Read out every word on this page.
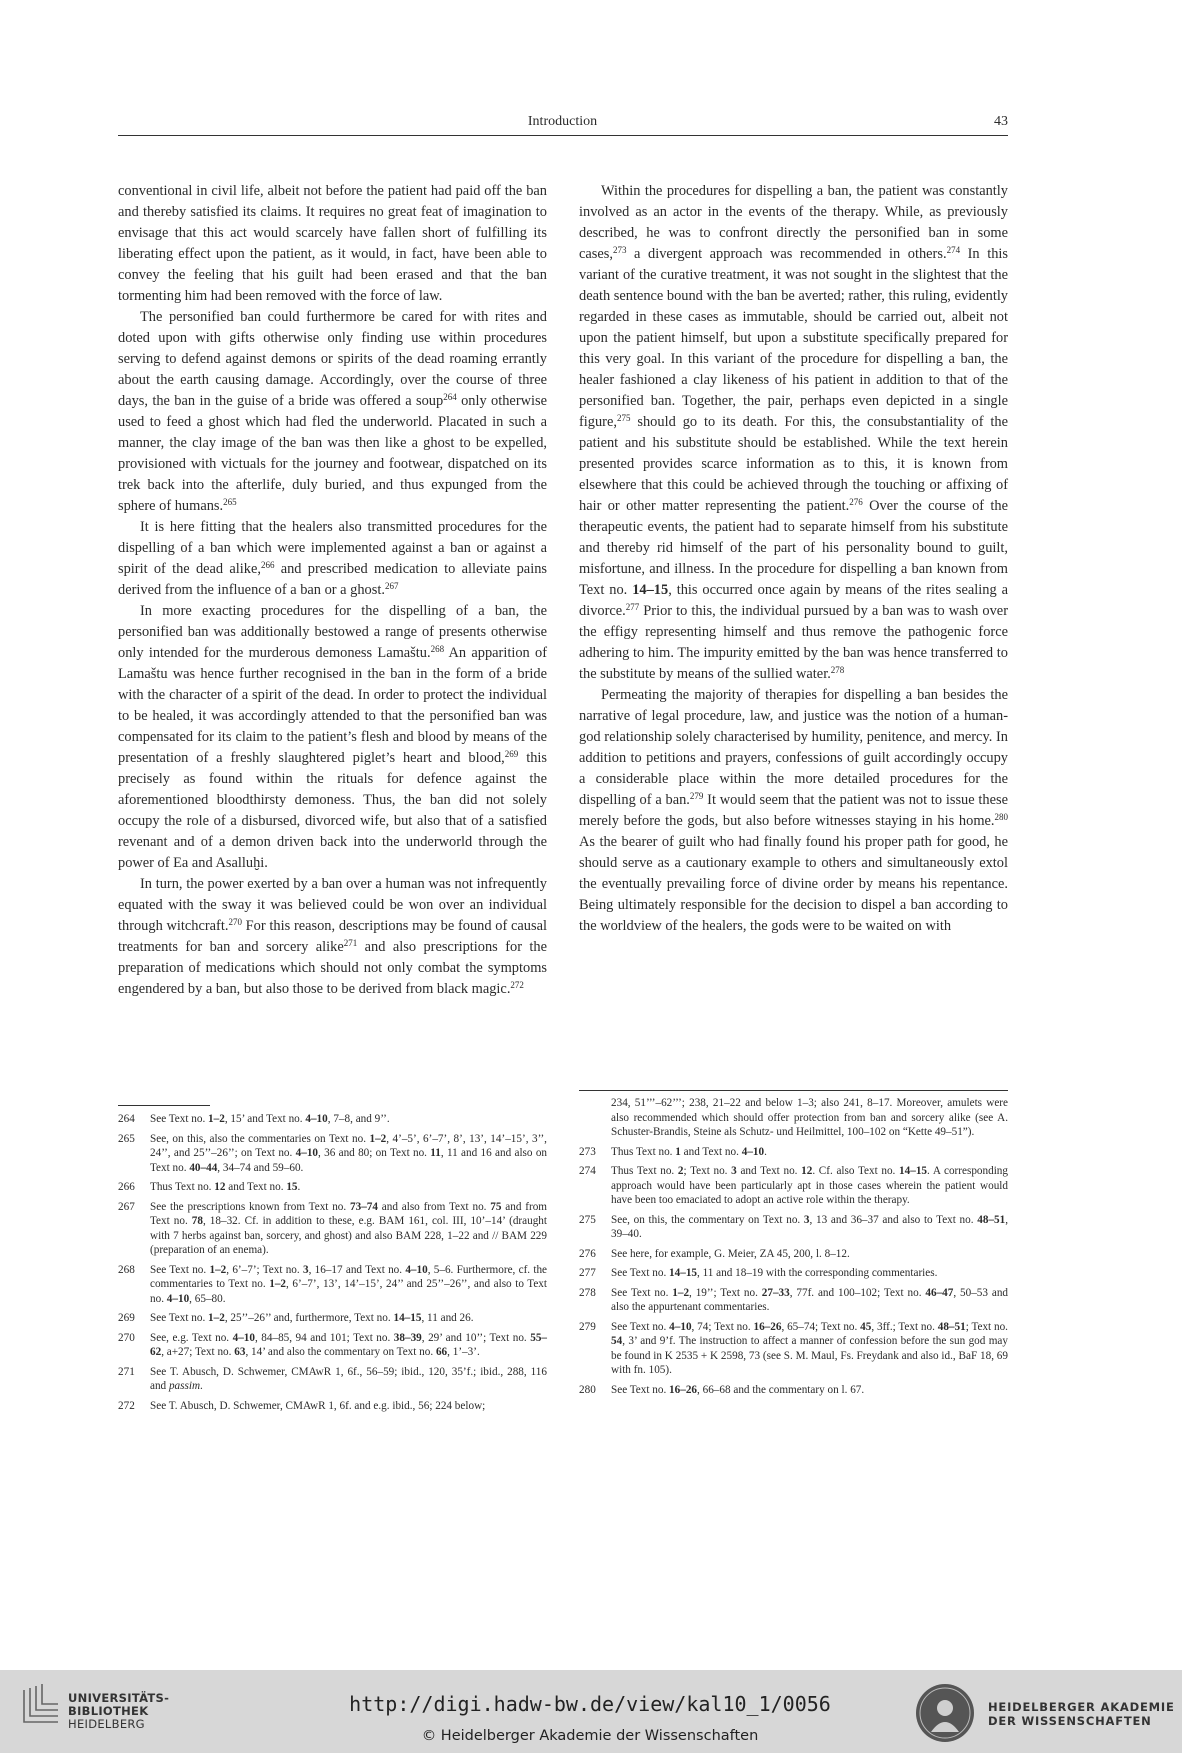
Introduction	43

conventional in civil life, albeit not before the patient had paid off the ban and thereby satisfied its claims. It requires no great feat of imagination to envisage that this act would scarcely have fallen short of fulfilling its liberating effect upon the patient, as it would, in fact, have been able to convey the feeling that his guilt had been erased and that the ban tormenting him had been removed with the force of law.

The personified ban could furthermore be cared for with rites and doted upon with gifts otherwise only finding use within procedures serving to defend against demons or spirits of the dead roaming errantly about the earth causing damage. Accordingly, over the course of three days, the ban in the guise of a bride was offered a soup$^{264}$ only otherwise used to feed a ghost which had fled the underworld. Placated in such a manner, the clay image of the ban was then like a ghost to be expelled, provisioned with victuals for the journey and footwear, dispatched on its trek back into the afterlife, duly buried, and thus expunged from the sphere of humans.$^{265}$

It is here fitting that the healers also transmitted procedures for the dispelling of a ban which were implemented against a ban or against a spirit of the dead alike,$^{266}$ and prescribed medication to alleviate pains derived from the influence of a ban or a ghost.$^{267}$

In more exacting procedures for the dispelling of a ban, the personified ban was additionally bestowed a range of presents otherwise only intended for the murderous demoness Lamaštu.$^{268}$ An apparition of Lamaštu was hence further recognised in the ban in the form of a bride with the character of a spirit of the dead. In order to protect the individual to be healed, it was accordingly attended to that the personified ban was compensated for its claim to the patient’s flesh and blood by means of the presentation of a freshly slaughtered piglet’s heart and blood,$^{269}$ this precisely as found within the rituals for defence against the aforementioned bloodthirsty demoness. Thus, the ban did not solely occupy the role of a disbursed, divorced wife, but also that of a satisfied revenant and of a demon driven back into the underworld through the power of Ea and Asalluḫi.

In turn, the power exerted by a ban over a human was not infrequently equated with the sway it was believed could be won over an individual through witchcraft.$^{270}$ For this reason, descriptions may be found of causal treatments for ban and sorcery alike$^{271}$ and also prescriptions for the preparation of medications which should not only combat the symptoms engendered by a ban, but also those to be derived from black magic.$^{272}$

Within the procedures for dispelling a ban, the patient was constantly involved as an actor in the events of the therapy. While, as previously described, he was to confront directly the personified ban in some cases,$^{273}$ a divergent approach was recommended in others.$^{274}$ In this variant of the curative treatment, it was not sought in the slightest that the death sentence bound with the ban be averted; rather, this ruling, evidently regarded in these cases as immutable, should be carried out, albeit not upon the patient himself, but upon a substitute specifically prepared for this very goal. In this variant of the procedure for dispelling a ban, the healer fashioned a clay likeness of his patient in addition to that of the personified ban. Together, the pair, perhaps even depicted in a single figure,$^{275}$ should go to its death. For this, the consubstantiality of the patient and his substitute should be established. While the text herein presented provides scarce information as to this, it is known from elsewhere that this could be achieved through the touching or affixing of hair or other matter representing the patient.$^{276}$ Over the course of the therapeutic events, the patient had to separate himself from his substitute and thereby rid himself of the part of his personality bound to guilt, misfortune, and illness. In the procedure for dispelling a ban known from Text no. 14–15, this occurred once again by means of the rites sealing a divorce.$^{277}$ Prior to this, the individual pursued by a ban was to wash over the effigy representing himself and thus remove the pathogenic force adhering to him. The impurity emitted by the ban was hence transferred to the substitute by means of the sullied water.$^{278}$

Permeating the majority of therapies for dispelling a ban besides the narrative of legal procedure, law, and justice was the notion of a human-god relationship solely characterised by humility, penitence, and mercy. In addition to petitions and prayers, confessions of guilt accordingly occupy a considerable place within the more detailed procedures for the dispelling of a ban.$^{279}$ It would seem that the patient was not to issue these merely before the gods, but also before witnesses staying in his home.$^{280}$ As the bearer of guilt who had finally found his proper path for good, he should serve as a cautionary example to others and simultaneously extol the eventually prevailing force of divine order by means his repentance. Being ultimately responsible for the decision to dispel a ban according to the worldview of the healers, the gods were to be waited on with

264	See Text no. 1–2, 15’ and Text no. 4–10, 7–8, and 9’’.
265	See, on this, also the commentaries on Text no. 1–2, 4’–5’, 6’–7’, 8’, 13’, 14’–15’, 3’’, 24’’, and 25’’–26’’; on Text no. 4–10, 36 and 80; on Text no. 11, 11 and 16 and also on Text no. 40–44, 34–74 and 59–60.
266	Thus Text no. 12 and Text no. 15.
267	See the prescriptions known from Text no. 73–74 and also from Text no. 75 and from Text no. 78, 18–32. Cf. in addition to these, e.g. BAM 161, col. III, 10’–14’ (draught with 7 herbs against ban, sorcery, and ghost) and also BAM 228, 1–22 and // BAM 229 (preparation of an enema).
268	See Text no. 1–2, 6’–7’; Text no. 3, 16–17 and Text no. 4–10, 5–6. Furthermore, cf. the commentaries to Text no. 1–2, 6’–7’, 13’, 14’–15’, 24’’ and 25’’–26’’, and also to Text no. 4–10, 65–80.
269	See Text no. 1–2, 25’’–26’’ and, furthermore, Text no. 14–15, 11 and 26.
270	See, e.g. Text no. 4–10, 84–85, 94 and 101; Text no. 38–39, 29’ and 10’’; Text no. 55–62, a+27; Text no. 63, 14’ and also the commentary on Text no. 66, 1’–3’.
271	See T. Abusch, D. Schwemer, CMAwR 1, 6f., 56–59; ibid., 120, 35’f.; ibid., 288, 116 and passim.
272	See T. Abusch, D. Schwemer, CMAwR 1, 6f. and e.g. ibid., 56; 224 below;
234, 51’’’–62’’’; 238, 21–22 and below 1–3; also 241, 8–17. Moreover, amulets were also recommended which should offer protection from ban and sorcery alike (see A. Schuster-Brandis, Steine als Schutz- und Heilmittel, 100–102 on “Kette 49–51”).
273	Thus Text no. 1 and Text no. 4–10.
274	Thus Text no. 2; Text no. 3 and Text no. 12. Cf. also Text no. 14–15. A corresponding approach would have been particularly apt in those cases wherein the patient would have been too emaciated to adopt an active role within the therapy.
275	See, on this, the commentary on Text no. 3, 13 and 36–37 and also to Text no. 48–51, 39–40.
276	See here, for example, G. Meier, ZA 45, 200, l. 8–12.
277	See Text no. 14–15, 11 and 18–19 with the corresponding commentaries.
278	See Text no. 1–2, 19’’; Text no. 27–33, 77f. and 100–102; Text no. 46–47, 50–53 and also the appurtenant commentaries.
279	See Text no. 4–10, 74; Text no. 16–26, 65–74; Text no. 45, 3ff.; Text no. 48–51; Text no. 54, 3’ and 9’f. The instruction to affect a manner of confession before the sun god may be found in K 2535 + K 2598, 73 (see S. M. Maul, Fs. Freydank and also id., BaF 18, 69 with fn. 105).
280	See Text no. 16–26, 66–68 and the commentary on l. 67.
UNIVERSITÄTS-
BIBLIOTHEK
HEIDELBERG
http://digi.hadw-bw.de/view/kal10_1/0056
© Heidelberger Akademie der Wissenschaften
HEIDELBERGER AKADEMIE
DER WISSENSCHAFTEN
